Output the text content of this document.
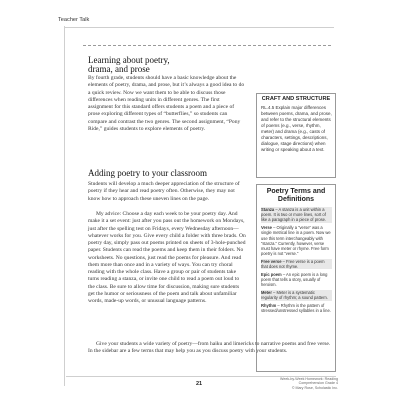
Teacher Talk
Learning about poetry,
drama, and prose

By fourth grade, students should have a basic knowledge about the elements of poetry, drama, and prose, but it’s always a good idea to do a quick review. Now we want them to be able to discuss those differences when reading units in different genres. The first assignment for this standard offers students a poem and a piece of prose exploring different types of “butterflies,” so students can compare and contrast the two genres. The second assignment, “Pony Ride,” guides students to explore elements of poetry.

Adding poetry to your classroom

Students will develop a much deeper appreciation of the structure of poetry if they hear and read poetry often. Otherwise, they may not know how to approach these uneven lines on the page.

My advice: Choose a day each week to be your poetry day. And make it a set event: just after you pass out the homework on Mondays, just after the spelling test on Fridays, every Wednesday afternoon—whatever works for you. Give every child a folder with three brads. On poetry day, simply pass out poems printed on sheets of 3-hole-punched paper. Students can read the poems and keep them in their folders. No worksheets. No questions, just read the poems for pleasure. And read them more than once and in a variety of ways. You can try choral reading with the whole class. Have a group or pair of students take turns reading a stanza, or invite one child to read a poem out loud to the class. Be sure to allow time for discussion, making sure students get the humor or seriousness of the poem and talk about unfamiliar words, made-up words, or unusual language patterns.

CRAFT AND STRUCTURE
RL.4.5 Explain major differences between poems, drama, and prose, and refer to the structural elements of poems (e.g., verse, rhythm, meter) and drama (e.g., casts of characters, settings, descriptions, dialogue, stage directions) when writing or speaking about a text.
Poetry Terms and
Definitions
Stanza – A stanza is a unit within a poem. It is two or more lines, sort of like a paragraph in a piece of prose.
Verse – Originally a “verse” was a single metrical line in a poem. Now we use this term interchangeably with “stanza.” Currently, however, verse must have meter or rhyme. Free form poetry is not “verse.”
Free verse – Free verse is a poem that does not rhyme.
Epic poem – An epic poem is a long poem that tells a story, usually of heroism.
Meter – Meter is a systematic regularity of rhythm; a sound pattern.
Rhythm – Rhythm is the pattern of stressed/unstressed syllables in a line.

Give your students a wide variety of poetry—from haiku and limericks to narrative poems and free verse. In the sidebar are a few terms that may help you as you discuss poetry with your students.

21
Week-by-Week Homework: Reading Comprehension Grade 4
© Mary Rose, Scholastic Inc.
